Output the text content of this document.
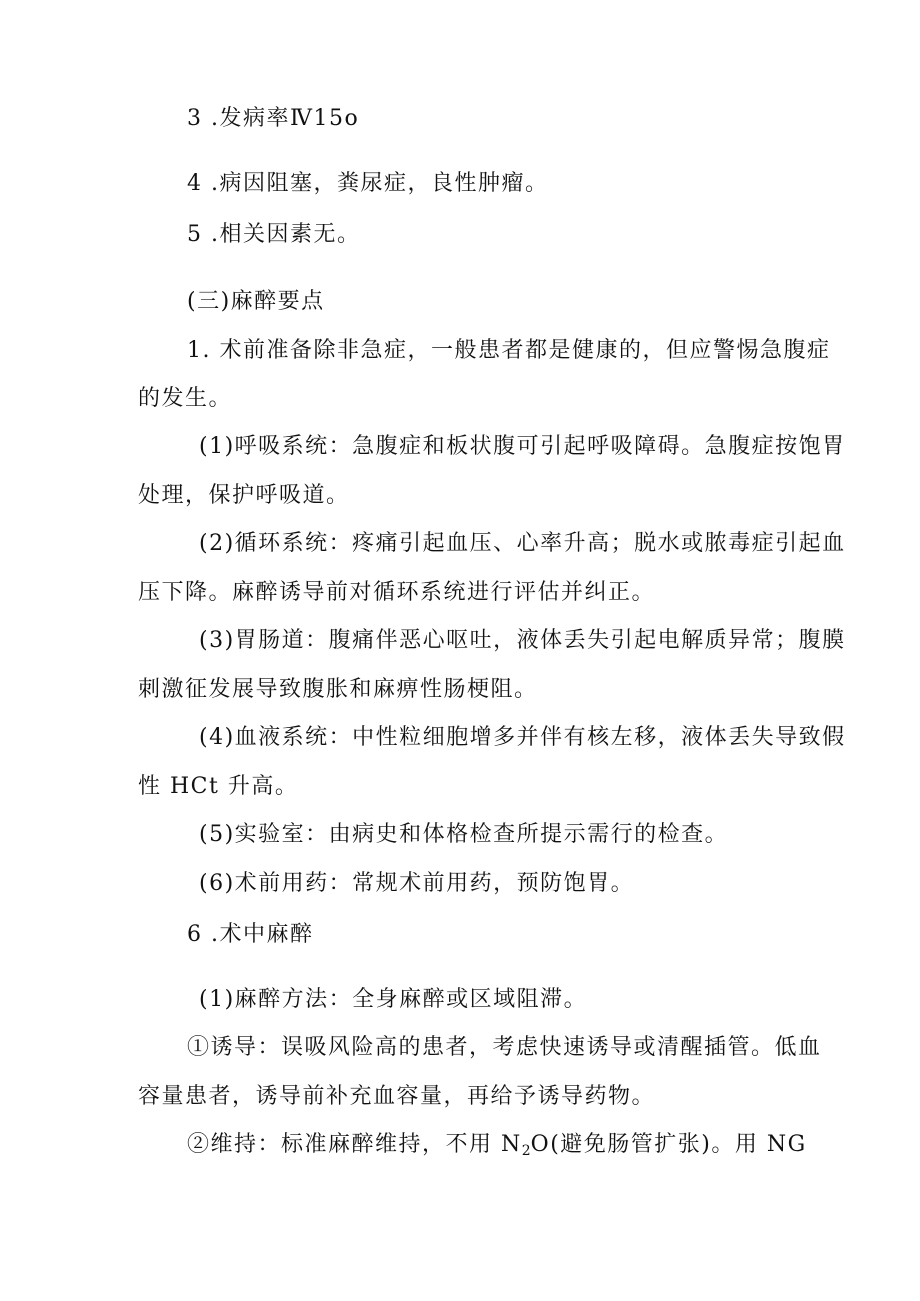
3 .发病率Ⅳ15o
4 .病因阻塞，粪尿症，良性肿瘤。
5 .相关因素无。
(三)麻醉要点
1. 术前准备除非急症，一般患者都是健康的，但应警惕急腹症
的发生。
(1)呼吸系统：急腹症和板状腹可引起呼吸障碍。急腹症按饱胃
处理，保护呼吸道。
(2)循环系统：疼痛引起血压、心率升高；脱水或脓毒症引起血
压下降。麻醉诱导前对循环系统进行评估并纠正。
(3)胃肠道：腹痛伴恶心呕吐，液体丢失引起电解质异常；腹膜
刺激征发展导致腹胀和麻痹性肠梗阻。
(4)血液系统：中性粒细胞增多并伴有核左移，液体丢失导致假
性 HCt 升高。
(5)实验室：由病史和体格检查所提示需行的检查。
(6)术前用药：常规术前用药，预防饱胃。
6 .术中麻醉
(1)麻醉方法：全身麻醉或区域阻滞。
①诱导：误吸风险高的患者，考虑快速诱导或清醒插管。低血
容量患者，诱导前补充血容量，再给予诱导药物。
②维持：标准麻醉维持，不用 $N_2O$(避免肠管扩张)。用 NG
